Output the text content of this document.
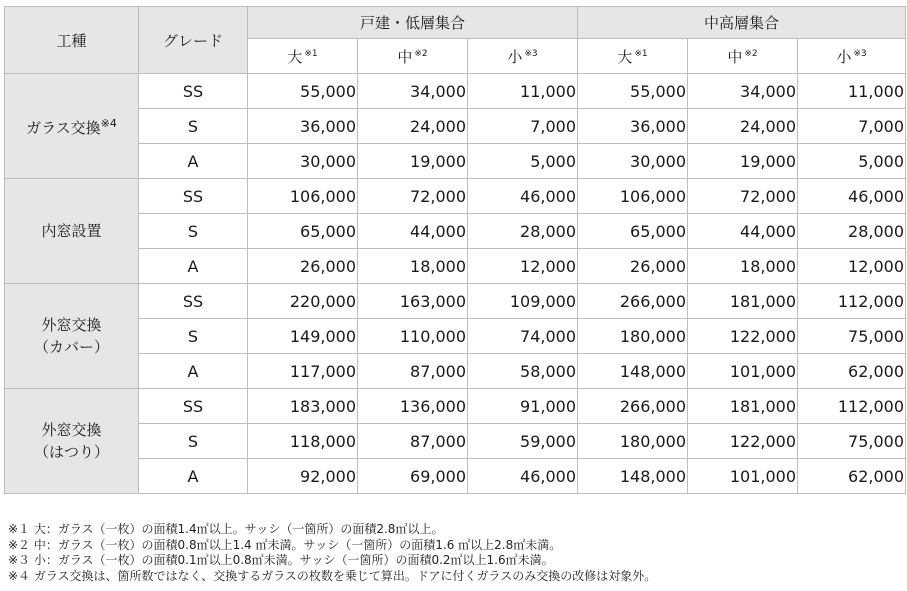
工種	グレード	戸建・低層集合			中高層集合		
		大 $^{※1}$	中 $^{※2}$	小 $^{※3}$	大 $^{※1}$	中 $^{※2}$	小 $^{※3}$

ガラス交換$^{※4}$	SS	55,000	34,000	11,000	55,000	34,000	11,000
	S	36,000	24,000	7,000	36,000	24,000	7,000
	A	30,000	19,000	5,000	30,000	19,000	5,000

内窓設置	SS	106,000	72,000	46,000	106,000	72,000	46,000
	S	65,000	44,000	28,000	65,000	44,000	28,000
	A	26,000	18,000	12,000	26,000	18,000	12,000

外窓交換
（カバー）	SS	220,000	163,000	109,000	266,000	181,000	112,000
	S	149,000	110,000	74,000	180,000	122,000	75,000
	A	117,000	87,000	58,000	148,000	101,000	62,000

外窓交換
（はつり）	SS	183,000	136,000	91,000	266,000	181,000	112,000
	S	118,000	87,000	59,000	180,000	122,000	75,000
	A	92,000	69,000	46,000	148,000	101,000	62,000
※１ 大：ガラス（一枚）の面積1.4㎡以上。サッシ（一箇所）の面積2.8㎡以上。
※２ 中：ガラス（一枚）の面積0.8㎡以上1.4 ㎡未満。サッシ（一箇所）の面積1.6 ㎡以上2.8㎡未満。
※３ 小：ガラス（一枚）の面積0.1㎡以上0.8㎡未満。サッシ（一箇所）の面積0.2㎡以上1.6㎡未満。
※４ ガラス交換は、箇所数ではなく、交換するガラスの枚数を乗じて算出。ドアに付くガラスのみ交換の改修は対象外。
